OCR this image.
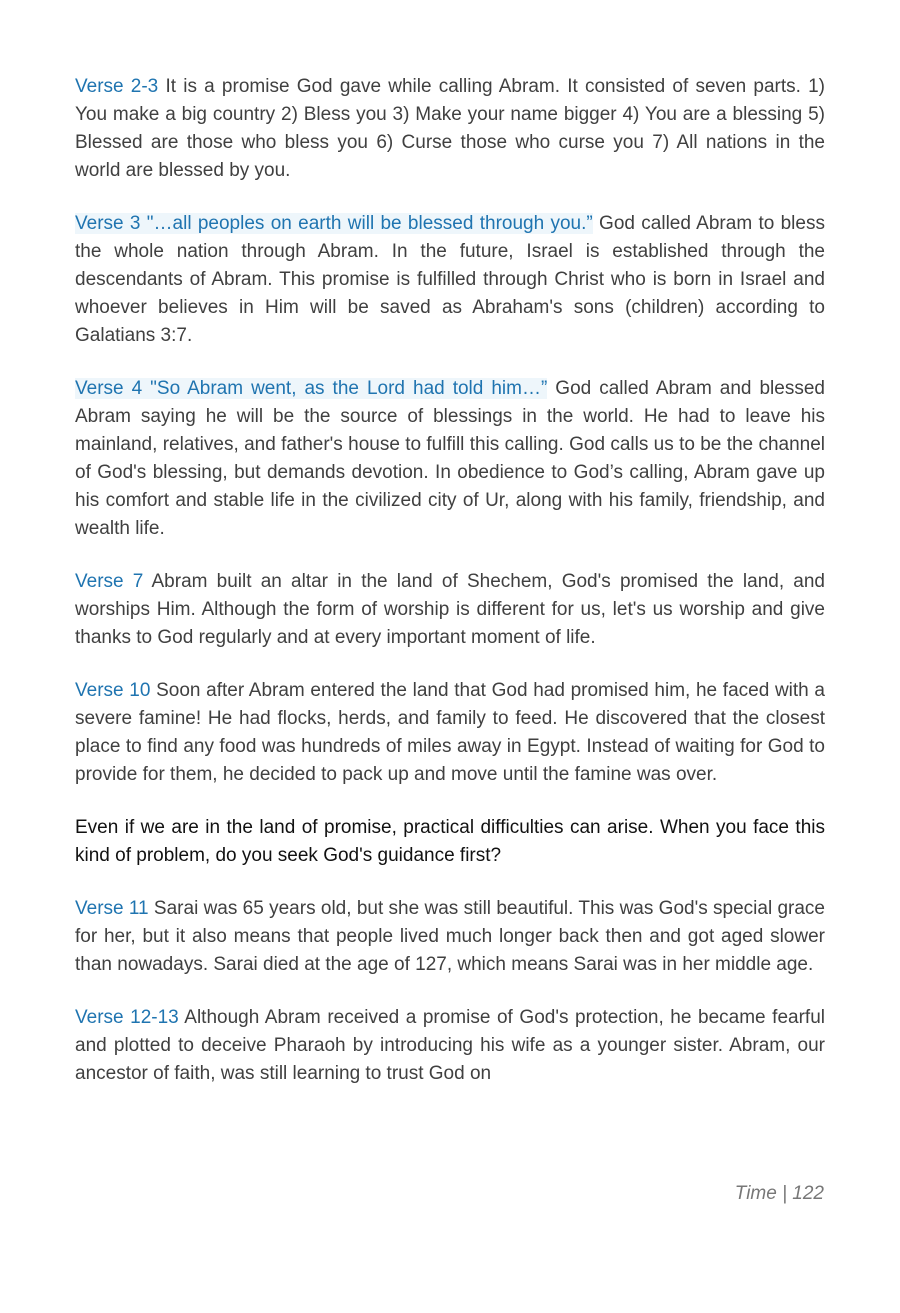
Verse 2-3 It is a promise God gave while calling Abram. It consisted of seven parts. 1) You make a big country 2) Bless you 3) Make your name bigger 4) You are a blessing 5) Blessed are those who bless you 6) Curse those who curse you 7) All nations in the world are blessed by you.

Verse 3 "…all peoples on earth will be blessed through you.” God called Abram to bless the whole nation through Abram. In the future, Israel is established through the descendants of Abram. This promise is fulfilled through Christ who is born in Israel and whoever believes in Him will be saved as Abraham's sons (children) according to Galatians 3:7.

Verse 4 "So Abram went, as the Lord had told him…” God called Abram and blessed Abram saying he will be the source of blessings in the world. He had to leave his mainland, relatives, and father's house to fulfill this calling. God calls us to be the channel of God's blessing, but demands devotion. In obedience to God’s calling, Abram gave up his comfort and stable life in the civilized city of Ur, along with his family, friendship, and wealth life.

Verse 7 Abram built an altar in the land of Shechem, God's promised the land, and worships Him. Although the form of worship is different for us, let's us worship and give thanks to God regularly and at every important moment of life.

Verse 10 Soon after Abram entered the land that God had promised him, he faced with a severe famine! He had flocks, herds, and family to feed. He discovered that the closest place to find any food was hundreds of miles away in Egypt. Instead of waiting for God to provide for them, he decided to pack up and move until the famine was over.

Even if we are in the land of promise, practical difficulties can arise. When you face this kind of problem, do you seek God's guidance first?

Verse 11 Sarai was 65 years old, but she was still beautiful. This was God's special grace for her, but it also means that people lived much longer back then and got aged slower than nowadays. Sarai died at the age of 127, which means Sarai was in her middle age.

Verse 12-13 Although Abram received a promise of God's protection, he became fearful and plotted to deceive Pharaoh by introducing his wife as a younger sister. Abram, our ancestor of faith, was still learning to trust God on

Time | 122
